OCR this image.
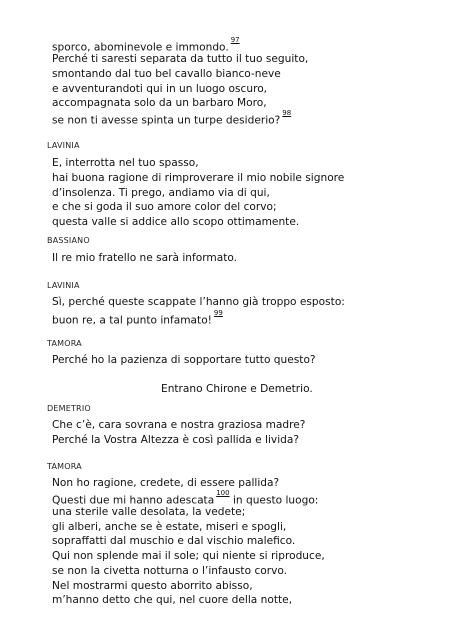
sporco, abominevole e immondo.$^{97}$
Perché ti saresti separata da tutto il tuo seguito,
smontando dal tuo bel cavallo bianco-neve
e avventurandoti qui in un luogo oscuro,
accompagnata solo da un barbaro Moro,
se non ti avesse spinta un turpe desiderio?$^{98}$
LAVINIA
E, interrotta nel tuo spasso,
hai buona ragione di rimproverare il mio nobile signore
d’insolenza. Ti prego, andiamo via di qui,
e che si goda il suo amore color del corvo;
questa valle si addice allo scopo ottimamente.
BASSIANO
Il re mio fratello ne sarà informato.
LAVINIA
Sì, perché queste scappate l’hanno già troppo esposto:
buon re, a tal punto infamato!$^{99}$
TAMORA
Perché ho la pazienza di sopportare tutto questo?
Entrano Chirone e Demetrio.
DEMETRIO
Che c’è, cara sovrana e nostra graziosa madre?
Perché la Vostra Altezza è così pallida e livida?
TAMORA
Non ho ragione, credete, di essere pallida?
Questi due mi hanno adescata$^{100}$ in questo luogo:
una sterile valle desolata, la vedete;
gli alberi, anche se è estate, miseri e spogli,
sopraffatti dal muschio e dal vischio malefico.
Qui non splende mai il sole; qui niente si riproduce,
se non la civetta notturna o l’infausto corvo.
Nel mostrarmi questo aborrito abisso,
m’hanno detto che qui, nel cuore della notte,
